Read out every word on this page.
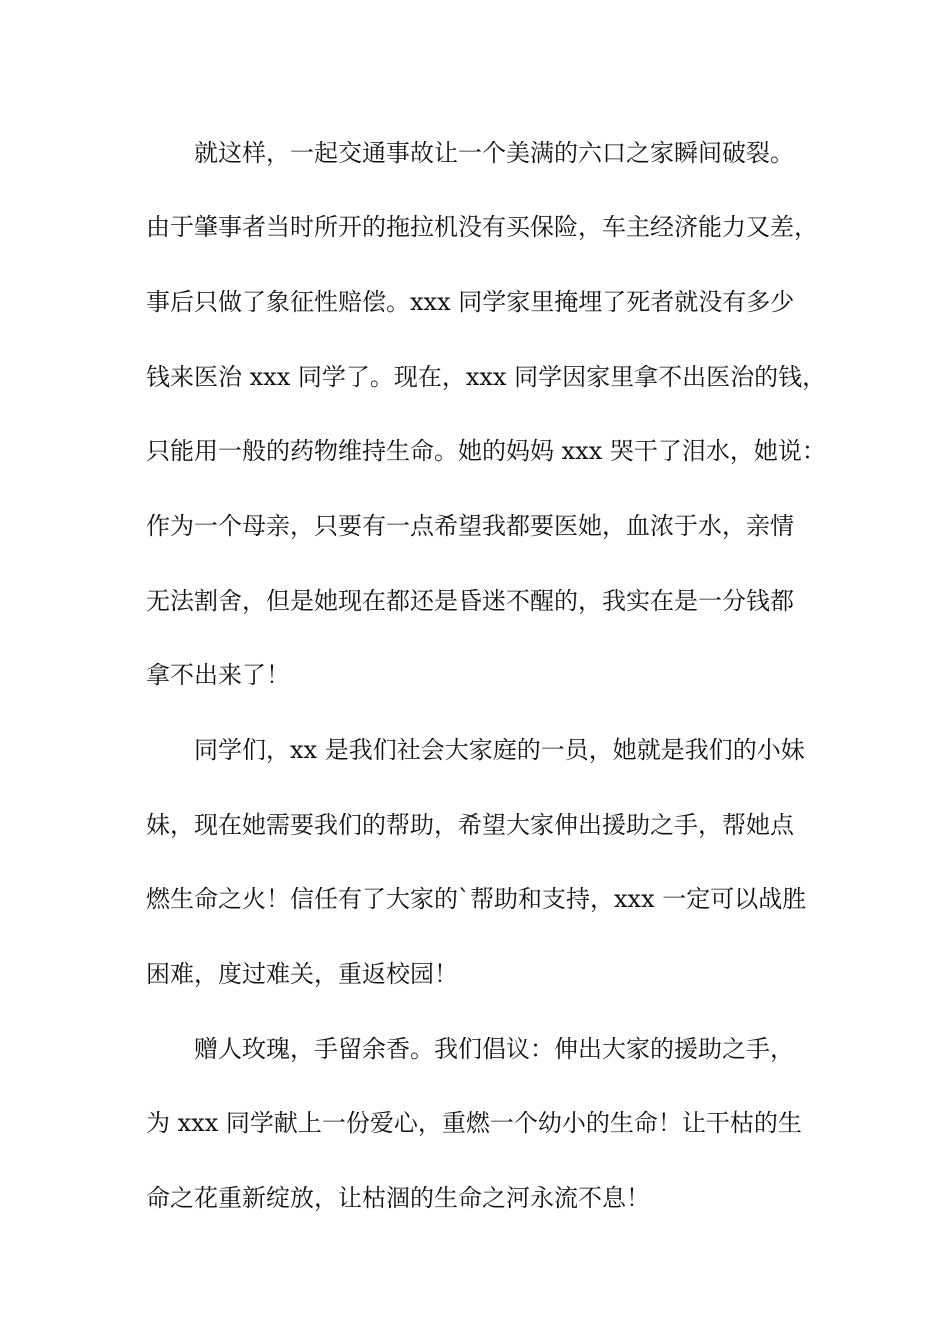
就这样，一起交通事故让一个美满的六口之家瞬间破裂。
由于肇事者当时所开的拖拉机没有买保险，车主经济能力又差，
事后只做了象征性赔偿。xxx 同学家里掩埋了死者就没有多少
钱来医治 xxx 同学了。现在，xxx 同学因家里拿不出医治的钱，
只能用一般的药物维持生命。她的妈妈 xxx 哭干了泪水，她说：
作为一个母亲，只要有一点希望我都要医她，血浓于水，亲情
无法割舍，但是她现在都还是昏迷不醒的，我实在是一分钱都
拿不出来了！
同学们，xx 是我们社会大家庭的一员，她就是我们的小妹
妹，现在她需要我们的帮助，希望大家伸出援助之手，帮她点
燃生命之火！信任有了大家的`帮助和支持，xxx 一定可以战胜
困难，度过难关，重返校园！
赠人玫瑰，手留余香。我们倡议：伸出大家的援助之手，
为 xxx 同学献上一份爱心，重燃一个幼小的生命！让干枯的生
命之花重新绽放，让枯涸的生命之河永流不息！
